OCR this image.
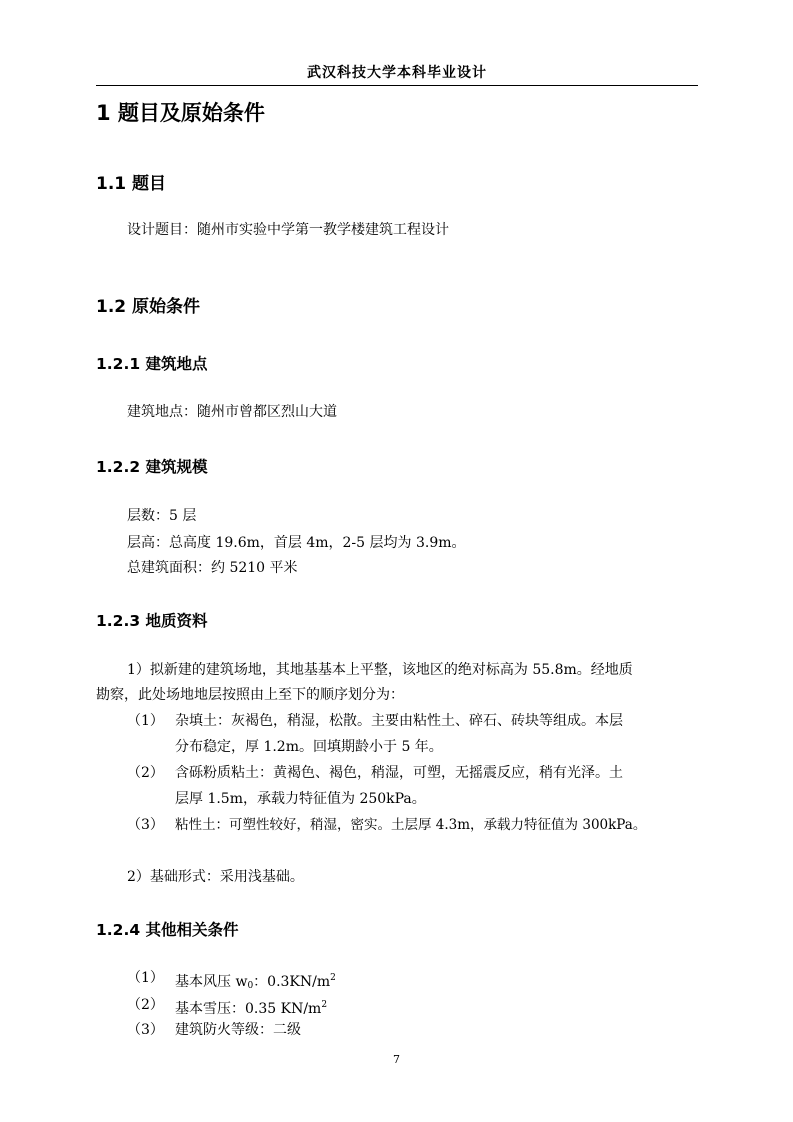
武汉科技大学本科毕业设计
1 题目及原始条件
1.1 题目
设计题目：随州市实验中学第一教学楼建筑工程设计
1.2 原始条件
1.2.1 建筑地点
建筑地点：随州市曾都区烈山大道
1.2.2 建筑规模
层数：5 层
层高：总高度 19.6m，首层 4m，2-5 层均为 3.9m。
总建筑面积：约 5210 平米
1.2.3 地质资料
1）拟新建的建筑场地，其地基基本上平整，该地区的绝对标高为 55.8m。经地质
勘察，此处场地地层按照由上至下的顺序划分为：
（1） 杂填土：灰褐色，稍湿，松散。主要由粘性土、碎石、砖块等组成。本层
分布稳定，厚 1.2m。回填期龄小于 5 年。
（2） 含砾粉质粘土：黄褐色、褐色，稍湿，可塑，无摇震反应，稍有光泽。土
层厚 1.5m，承载力特征值为 250kPa。
（3） 粘性土：可塑性较好，稍湿，密实。土层厚 4.3m，承载力特征值为 300kPa。
2）基础形式：采用浅基础。
1.2.4 其他相关条件
（1） 基本风压 $w_0$：$0.3KN/m^2$
（2） 基本雪压：0.35 $KN/m^2$
（3） 建筑防火等级：二级
7
